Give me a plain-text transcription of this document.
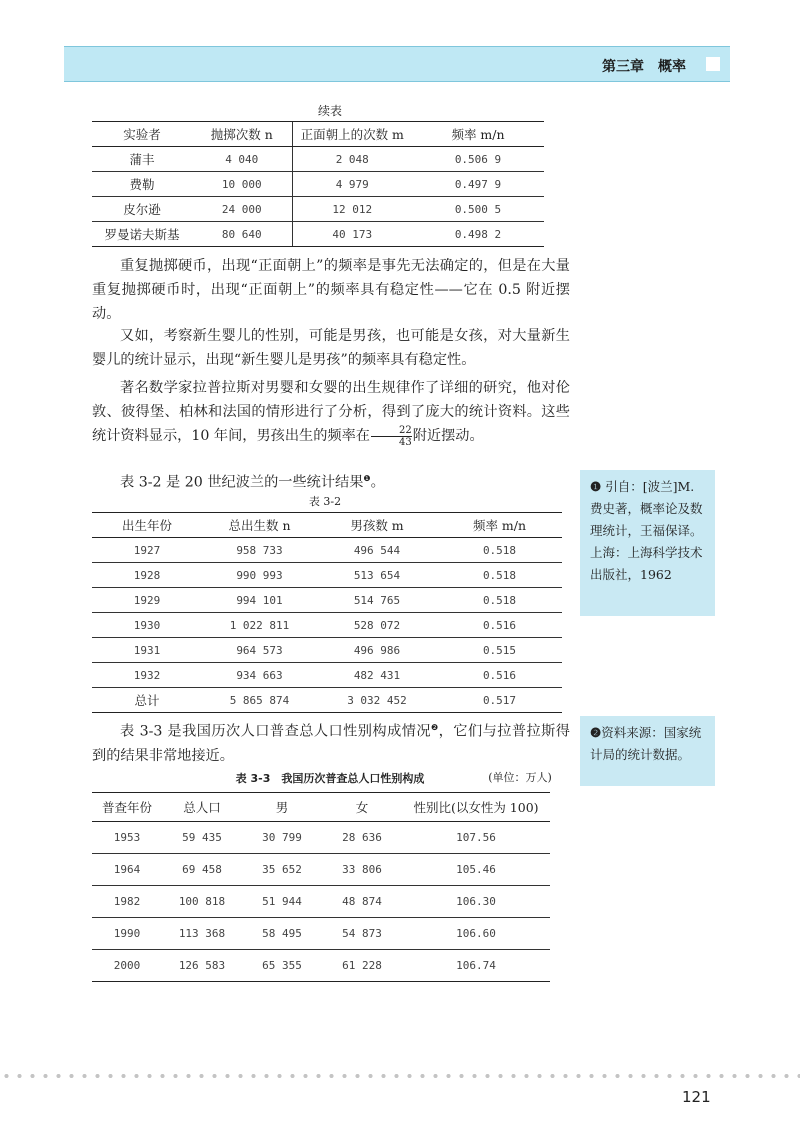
第三章　 概率
续表
实验者	抛掷次数 n	正面朝上的次数 m	频率 m/n
蒲丰	4 040	2 048	0.506 9
费勒	10 000	4 979	0.497 9
皮尔逊	24 000	12 012	0.500 5
罗曼诺夫斯基	80 640	40 173	0.498 2
重复抛掷硬币，出现“正面朝上”的频率是事先无法确定的，但是在大量重复抛掷硬币时，出现“正面朝上”的频率具有稳定性——它在 0.5 附近摆动。
又如，考察新生婴儿的性别，可能是男孩，也可能是女孩，对大量新生婴儿的统计显示，出现“新生婴儿是男孩”的频率具有稳定性。
著名数学家拉普拉斯对男婴和女婴的出生规律作了详细的研究，他对伦敦、彼得堡、柏林和法国的情形进行了分析，得到了庞大的统计资料。这些统计资料显示，10 年间，男孩出生的频率在 $\frac{22}{43}$ 附近摆动。
表 3-2 是 20 世纪波兰的一些统计结果$^❶$。
表 3-2
出生年份	总出生数 n	男孩数 m	频率 m/n
1927	958 733	496 544	0.518
1928	990 993	513 654	0.518
1929	994 101	514 765	0.518
1930	1 022 811	528 072	0.516
1931	964 573	496 986	0.515
1932	934 663	482 431	0.516
总计	5 865 874	3 032 452	0.517
表 3-3 是我国历次人口普查总人口性别构成情况$^❷$，它们与拉普拉斯得到的结果非常地接近。
表 3-3　我国历次普查总人口性别构成	(单位：万人)
普查年份	总人口	男	女	性别比(以女性为 100)
1953	59 435	30 799	28 636	107.56
1964	69 458	35 652	33 806	105.46
1982	100 818	51 944	48 874	106.30
1990	113 368	58 495	54 873	106.60
2000	126 583	65 355	61 228	106.74
❶ 引自：[波兰]M. 费史著，概率论及数理统计，王福保译。上海：上海科学技术出版社，1962
❷资料来源：国家统计局的统计数据。
121
